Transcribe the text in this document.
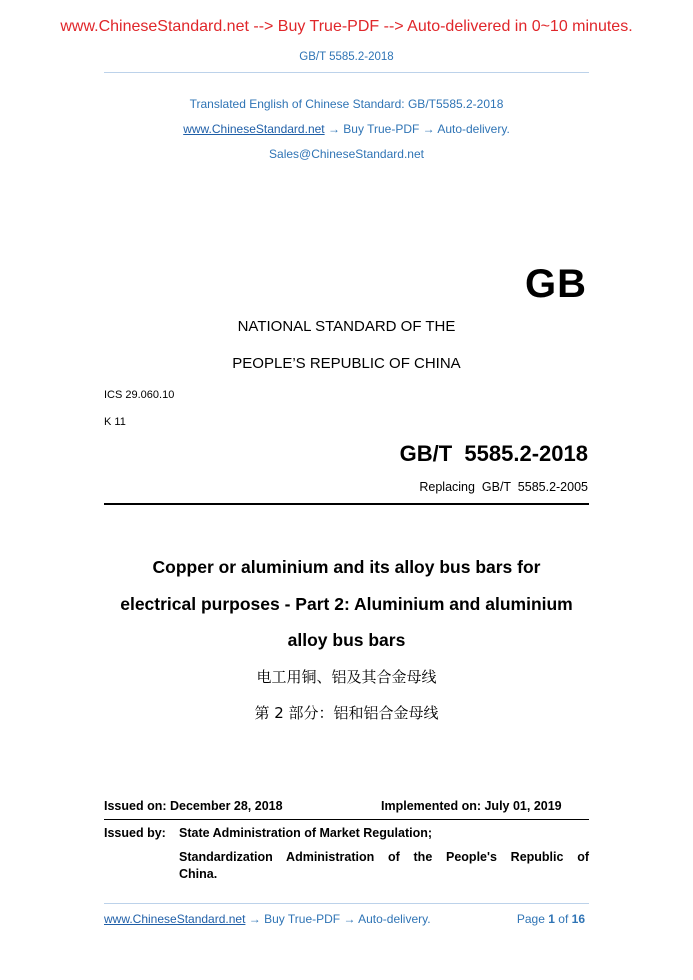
www.ChineseStandard.net --> Buy True-PDF --> Auto-delivered in 0~10 minutes.
GB/T 5585.2-2018
Translated English of Chinese Standard: GB/T5585.2-2018
www.ChineseStandard.net → Buy True-PDF → Auto-delivery.
Sales@ChineseStandard.net
GB
NATIONAL STANDARD OF THE
PEOPLE’S REPUBLIC OF CHINA
ICS 29.060.10
K 11
GB/T  5585.2-2018
Replacing  GB/T  5585.2-2005
Copper or aluminium and its alloy bus bars for
electrical purposes - Part 2: Aluminium and aluminium
alloy bus bars
电工用铜、铝及其合金母线
第 2 部分：铝和铝合金母线
Issued on: December 28, 2018	Implemented on: July 01, 2019
Issued by: State Administration of Market Regulation;
Standardization Administration of the People's Republic of
China.
www.ChineseStandard.net → Buy True-PDF → Auto-delivery.	Page 1 of 16
